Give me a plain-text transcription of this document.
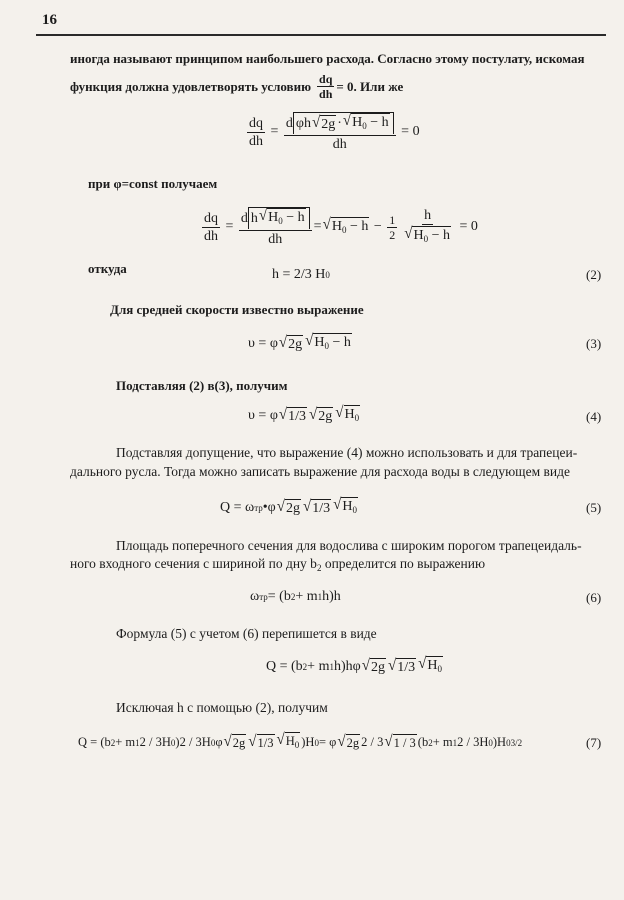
16
иногда называют принципом наибольшего расхода. Согласно этому постулату, искомая
функция должна удовлетворять условию $\frac{dq}{dh} = 0$ . Или же
$\frac{dq}{dh}$ =
d φh √ 2g · √ $H_0 - h$
dh

= 0
при φ=const получаем
$\frac{dq}{dh} = \frac{d h √ H_0 - h}{dh}$ = √ $H_0 - h - \frac{1}{2} \frac{h}{√ H_0 - h}$
= 0
откуда	h = 2/3 H 0	(2)
Для средней скорости известно выражение
υ = φ √ 2g √ $H_0 - h$	(3)
Подставляя (2) в(3), получим
υ = φ √ 1/3 √ 2g √ $H_0$	(4)
Подставляя допущение, что выражение (4) можно использовать и для трапецеи-
дального русла. Тогда можно записать выражение для расхода воды в следующем виде
Q = ω тр •φ √ 2g √ 1/3 √ $H_0$	(5)
Площадь поперечного сечения для водослива с широким порогом трапецеидаль-
ного входного сечения с шириной по дну $b_2$ определится по выражению
ω тр = (b 2 + m 1 h)h	(6)
Формула (5) с учетом (6) перепишется в виде
Q = (b 2 + m 1 h)hφ √ 2g √ 1/3 √ $H_0$
Исключая h с помощью (2), получим
Q = (b 2 + m 1 2 / 3H 0 )2 / 3H 0 φ √ 2g √ 1/3 √ $H_0$ )H 0 = φ √ 2g 2 / 3 √ 1 / 3 (b 2 + m 1 2 / 3H 0 )H 0 3/2	(7)
